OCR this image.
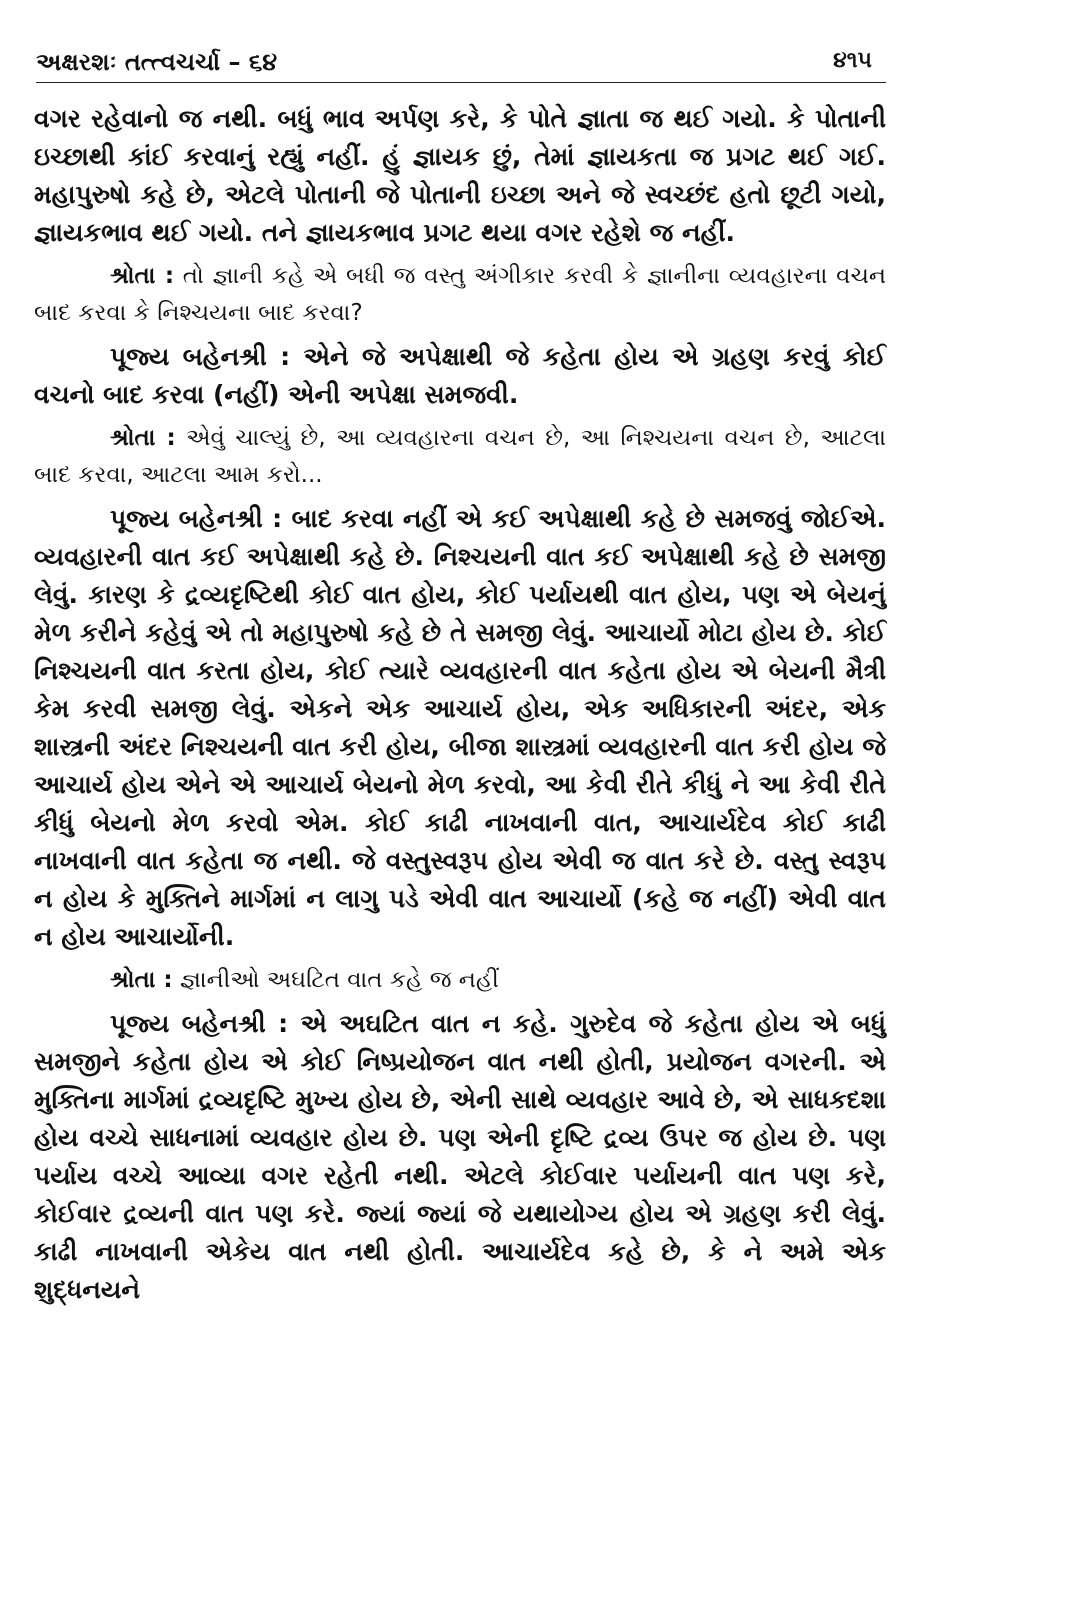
અક્ષરશઃ તત્ત્વચર્ચા – ૬૪	૪૧૫

વગર રહેવાનો જ નથી. બધું ભાવ અર્પણ કરે, કે પોતે જ્ઞાતા જ થઈ ગયો. કે પોતાની ઇચ્છાથી કાંઈ કરવાનું રહ્યું નહીં. હું જ્ઞાયક છું, તેમાં જ્ઞાયકતા જ પ્રગટ થઈ ગઈ. મહાપુરુષો કહે છે, એટલે પોતાની જે પોતાની ઇચ્છા અને જે સ્વચ્છંદ હતો છૂટી ગયો, જ્ઞાયકભાવ થઈ ગયો. તને જ્ઞાયકભાવ પ્રગટ થયા વગર રહેશે જ નહીં.

શ્રોતા : તો જ્ઞાની કહે એ બધી જ વસ્તુ અંગીકાર કરવી કે જ્ઞાનીના વ્યવહારના વચન બાદ કરવા કે નિશ્ચયના બાદ કરવા?

પૂજ્ય બહેનશ્રી : એને જે અપેક્ષાથી જે કહેતા હોય એ ગ્રહણ કરવું કોઈ વચનો બાદ કરવા (નહીં) એની અપેક્ષા સમજવી.

શ્રોતા : એવું ચાલ્યું છે, આ વ્યવહારના વચન છે, આ નિશ્ચયના વચન છે, આટલા બાદ કરવા, આટલા આમ કરો...

પૂજ્ય બહેનશ્રી : બાદ કરવા નહીં એ કઈ અપેક્ષાથી કહે છે સમજવું જોઈએ. વ્યવહારની વાત કઈ અપેક્ષાથી કહે છે. નિશ્ચયની વાત કઈ અપેક્ષાથી કહે છે સમજી લેવું. કારણ કે દ્રવ્યદૃષ્ટિથી કોઈ વાત હોય, કોઈ પર્યાયથી વાત હોય, પણ એ બેયનું મેળ કરીને કહેવું એ તો મહાપુરુષો કહે છે તે સમજી લેવું. આચાર્યો મોટા હોય છે. કોઈ નિશ્ચયની વાત કરતા હોય, કોઈ ત્યારે વ્યવહારની વાત કહેતા હોય એ બેયની મૈત્રી કેમ કરવી સમજી લેવું. એકને એક આચાર્ય હોય, એક અધિકારની અંદર, એક શાસ્ત્રની અંદર નિશ્ચયની વાત કરી હોય, બીજા શાસ્ત્રમાં વ્યવહારની વાત કરી હોય જે આચાર્ય હોય એને એ આચાર્ય બેયનો મેળ કરવો, આ કેવી રીતે કીધું ને આ કેવી રીતે કીધું બેયનો મેળ કરવો એમ. કોઈ કાઢી નાખવાની વાત, આચાર્યદેવ કોઈ કાઢી નાખવાની વાત કહેતા જ નથી. જે વસ્તુસ્વરૂપ હોય એવી જ વાત કરે છે. વસ્તુ સ્વરૂપ ન હોય કે મુક્તિને માર્ગમાં ન લાગુ પડે એવી વાત આચાર્યો (કહે જ નહીં) એવી વાત ન હોય આચાર્યોની.

શ્રોતા : જ્ઞાનીઓ અઘટિત વાત કહે જ નહીં

પૂજ્ય બહેનશ્રી : એ અઘટિત વાત ન કહે. ગુરુદેવ જે કહેતા હોય એ બધું સમજીને કહેતા હોય એ કોઈ નિષ્પ્રયોજન વાત નથી હોતી, પ્રયોજન વગરની. એ મુક્તિના માર્ગમાં દ્રવ્યદૃષ્ટિ મુખ્ય હોય છે, એની સાથે વ્યવહાર આવે છે, એ સાધકદશા હોય વચ્ચે સાધનામાં વ્યવહાર હોય છે. પણ એની દૃષ્ટિ દ્રવ્ય ઉપર જ હોય છે. પણ પર્યાય વચ્ચે આવ્યા વગર રહેતી નથી. એટલે કોઈવાર પર્યાયની વાત પણ કરે, કોઈવાર દ્રવ્યની વાત પણ કરે. જ્યાં જ્યાં જે યથાયોગ્ય હોય એ ગ્રહણ કરી લેવું. કાઢી નાખવાની એકેય વાત નથી હોતી. આચાર્યદેવ કહે છે, કે ને અમે એક શુદ્ધનયને
